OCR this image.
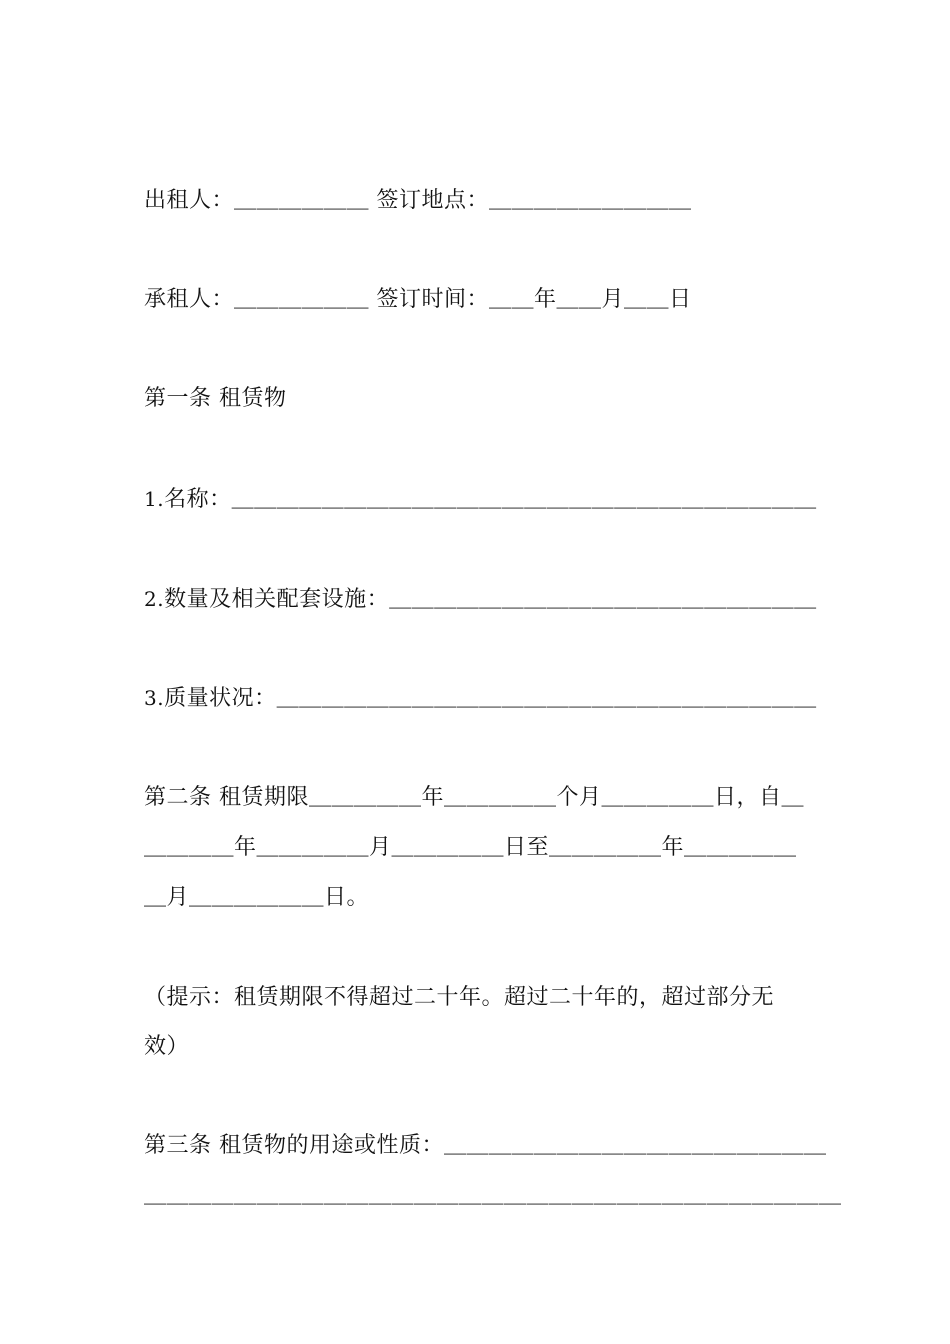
出租人：＿＿＿＿＿＿ 签订地点：＿＿＿＿＿＿＿＿＿
承租人：＿＿＿＿＿＿ 签订时间：＿＿年＿＿月＿＿日
第一条 租赁物
1.名称：＿＿＿＿＿＿＿＿＿＿＿＿＿＿＿＿＿＿＿＿＿＿＿＿＿＿
2.数量及相关配套设施：＿＿＿＿＿＿＿＿＿＿＿＿＿＿＿＿＿＿＿
3.质量状况：＿＿＿＿＿＿＿＿＿＿＿＿＿＿＿＿＿＿＿＿＿＿＿＿
第二条 租赁期限＿＿＿＿＿年＿＿＿＿＿个月＿＿＿＿＿日，自＿
＿＿＿＿年＿＿＿＿＿月＿＿＿＿＿日至＿＿＿＿＿年＿＿＿＿＿
＿月＿＿＿＿＿＿日。
（提示：租赁期限不得超过二十年。超过二十年的，超过部分无
效）
第三条 租赁物的用途或性质：＿＿＿＿＿＿＿＿＿＿＿＿＿＿＿＿＿
＿＿＿＿＿＿＿＿＿＿＿＿＿＿＿＿＿＿＿＿＿＿＿＿＿＿＿＿＿＿＿
